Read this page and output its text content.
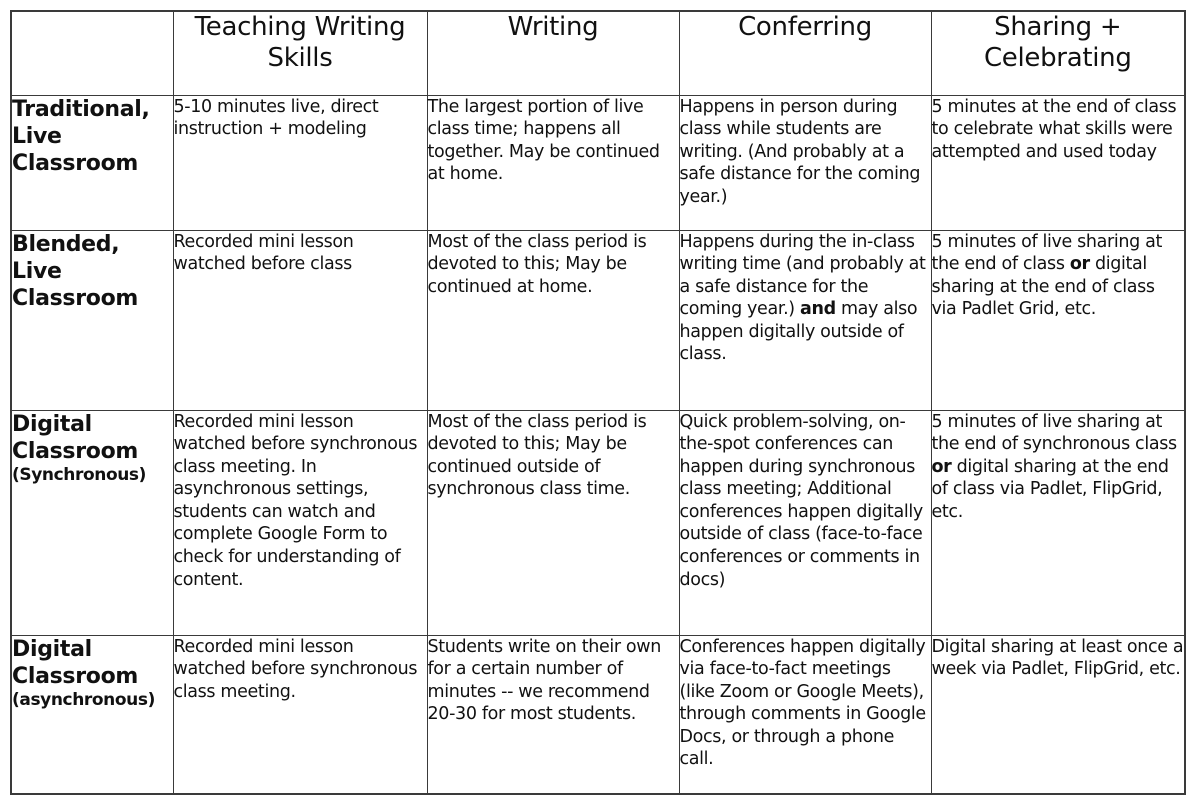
	Teaching Writing Skills	Writing	Conferring	Sharing + Celebrating

Traditional, Live Classroom	5-10 minutes live, direct instruction + modeling	The largest portion of live class time; happens all together. May be continued at home.	Happens in person during class while students are writing. (And probably at a safe distance for the coming year.)	5 minutes at the end of class to celebrate what skills were attempted and used today

Blended, Live Classroom	Recorded mini lesson watched before class	Most of the class period is devoted to this; May be continued at home.	Happens during the in-class writing time (and probably at a safe distance for the coming year.) and may also happen digitally outside of class.	5 minutes of live sharing at the end of class or digital sharing at the end of class via Padlet Grid, etc.

Digital Classroom
(Synchronous)	Recorded mini lesson watched before synchronous class meeting. In asynchronous settings, students can watch and complete Google Form to check for understanding of content.	Most of the class period is devoted to this; May be continued outside of synchronous class time.	Quick problem-solving, on-the-spot conferences can happen during synchronous class meeting; Additional conferences happen digitally outside of class (face-to-face conferences or comments in docs)	5 minutes of live sharing at the end of synchronous class or digital sharing at the end of class via Padlet, FlipGrid, etc.

Digital Classroom
(asynchronous)	Recorded mini lesson watched before synchronous class meeting.	Students write on their own for a certain number of minutes -- we recommend 20-30 for most students.	Conferences happen digitally via face-to-fact meetings (like Zoom or Google Meets), through comments in Google Docs, or through a phone call.	Digital sharing at least once a week via Padlet, FlipGrid, etc.
